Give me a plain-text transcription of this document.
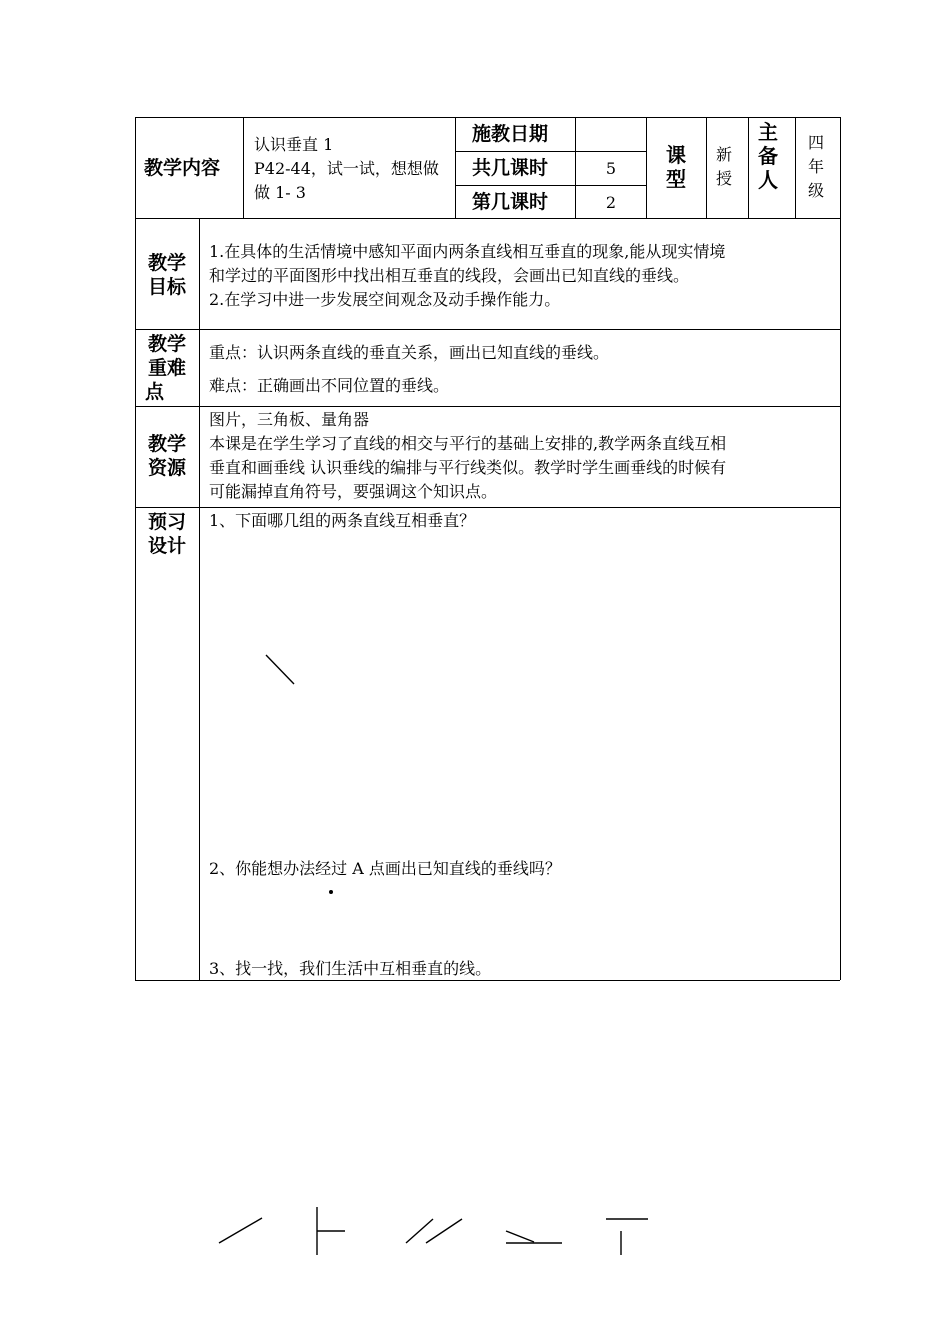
教学内容
认识垂直 1
P42-44，试一试，想想做
做 1- 3
施教日期
共几课时	5
第几课时	2
课
型
新
授
主
备
人
四
年
级
教学
目标
1.在具体的生活情境中感知平面内两条直线相互垂直的现象,能从现实情境
和学过的平面图形中找出相互垂直的线段，会画出已知直线的垂线。
2.在学习中进一步发展空间观念及动手操作能力。
教学
重难
点
重点：认识两条直线的垂直关系，画出已知直线的垂线。
难点：正确画出不同位置的垂线。
教学
资源
图片，三角板、量角器
本课是在学生学习了直线的相交与平行的基础上安排的,教学两条直线互相
垂直和画垂线 认识垂线的编排与平行线类似。教学时学生画垂线的时候有
可能漏掉直角符号，要强调这个知识点。
预习
设计
1、下面哪几组的两条直线互相垂直？
2、你能想办法经过 A 点画出已知直线的垂线吗？
3、找一找，我们生活中互相垂直的线。
